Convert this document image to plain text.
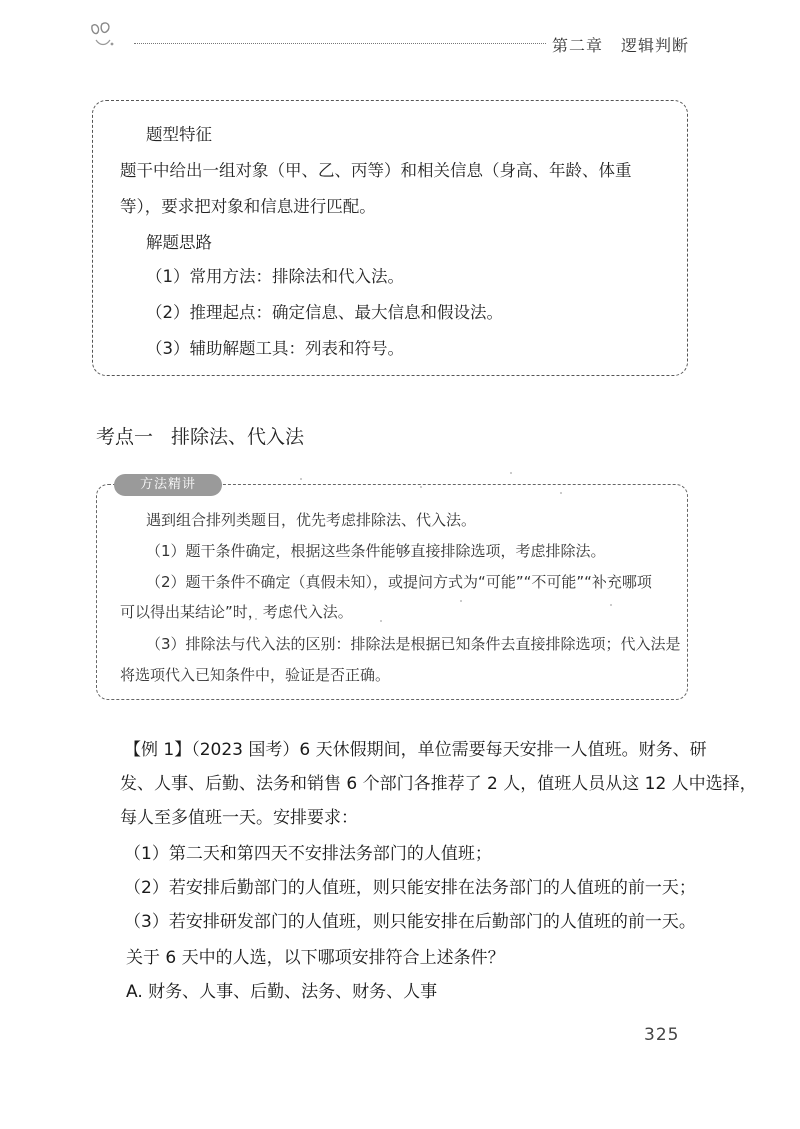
第二章 逻辑判断
题型特征
题干中给出一组对象（甲、乙、丙等）和相关信息（身高、年龄、体重
等），要求把对象和信息进行匹配。
解题思路
（1）常用方法：排除法和代入法。
（2）推理起点：确定信息、最大信息和假设法。
（3）辅助解题工具：列表和符号。
考点一 排除法、代入法
方法精讲
遇到组合排列类题目，优先考虑排除法、代入法。
（1）题干条件确定，根据这些条件能够直接排除选项，考虑排除法。
（2）题干条件不确定（真假未知），或提问方式为“可能”“不可能”“补充哪项
可以得出某结论”时，考虑代入法。
（3）排除法与代入法的区别：排除法是根据已知条件去直接排除选项；代入法是
将选项代入已知条件中，验证是否正确。
【例 1】（2023 国考）6 天休假期间，单位需要每天安排一人值班。财务、研
发、人事、后勤、法务和销售 6 个部门各推荐了 2 人，值班人员从这 12 人中选择，
每人至多值班一天。安排要求：
（1）第二天和第四天不安排法务部门的人值班；
（2）若安排后勤部门的人值班，则只能安排在法务部门的人值班的前一天；
（3）若安排研发部门的人值班，则只能安排在后勤部门的人值班的前一天。
关于 6 天中的人选，以下哪项安排符合上述条件？
A. 财务、人事、后勤、法务、财务、人事
325
